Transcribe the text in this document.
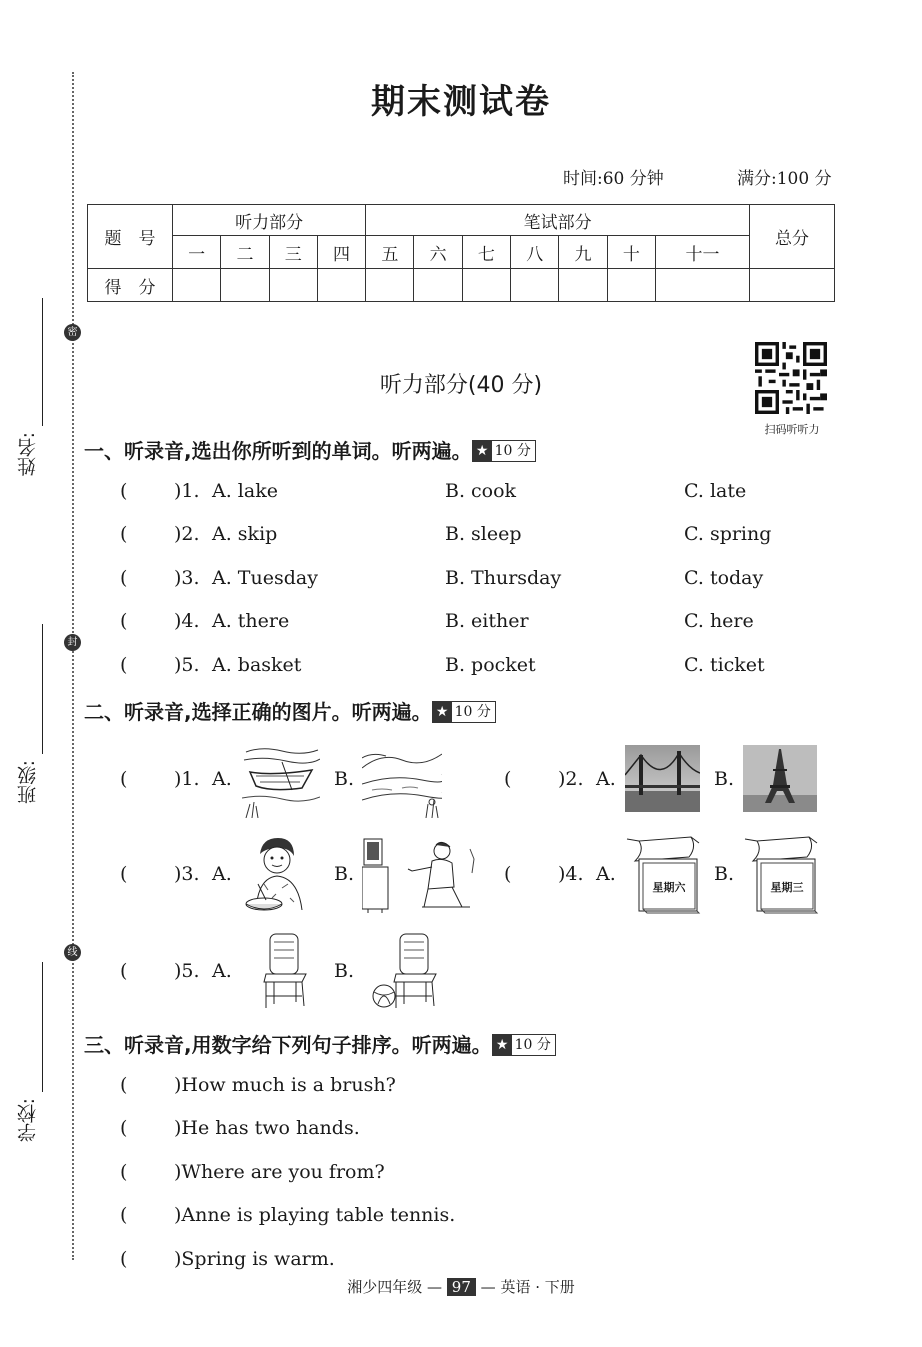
密
封
线
姓名:
班级:
学校:
期末测试卷
时间:60 分钟	满分:100 分
题　号	听力部分				笔试部分							总分
	一	二	三	四	五	六	七	八	九	十	十一	
得　分												
扫码听听力
听力部分(40 分)
一、听录音,选出你所听到的单词。听两遍。 ★ 10 分
( )1. A. lake	B. cook	C. late
( )2. A. skip	B. sleep	C. spring
( )3. A. Tuesday	B. Thursday	C. today
( )4. A. there	B. either	C. here
( )5. A. basket	B. pocket	C. ticket
二、听录音,选择正确的图片。听两遍。 ★ 10 分
( )1. A.	B.	( )2. A.	B.
( )3. A.	B.	( )4. A.
星期六
B.
星期三
( )5. A.	B.
三、听录音,用数字给下列句子排序。听两遍。 ★ 10 分
( )How much is a brush?
( )He has two hands.
( )Where are you from?
( )Anne is playing table tennis.
( )Spring is warm.
湘少四年级 — 97 — 英语 · 下册
